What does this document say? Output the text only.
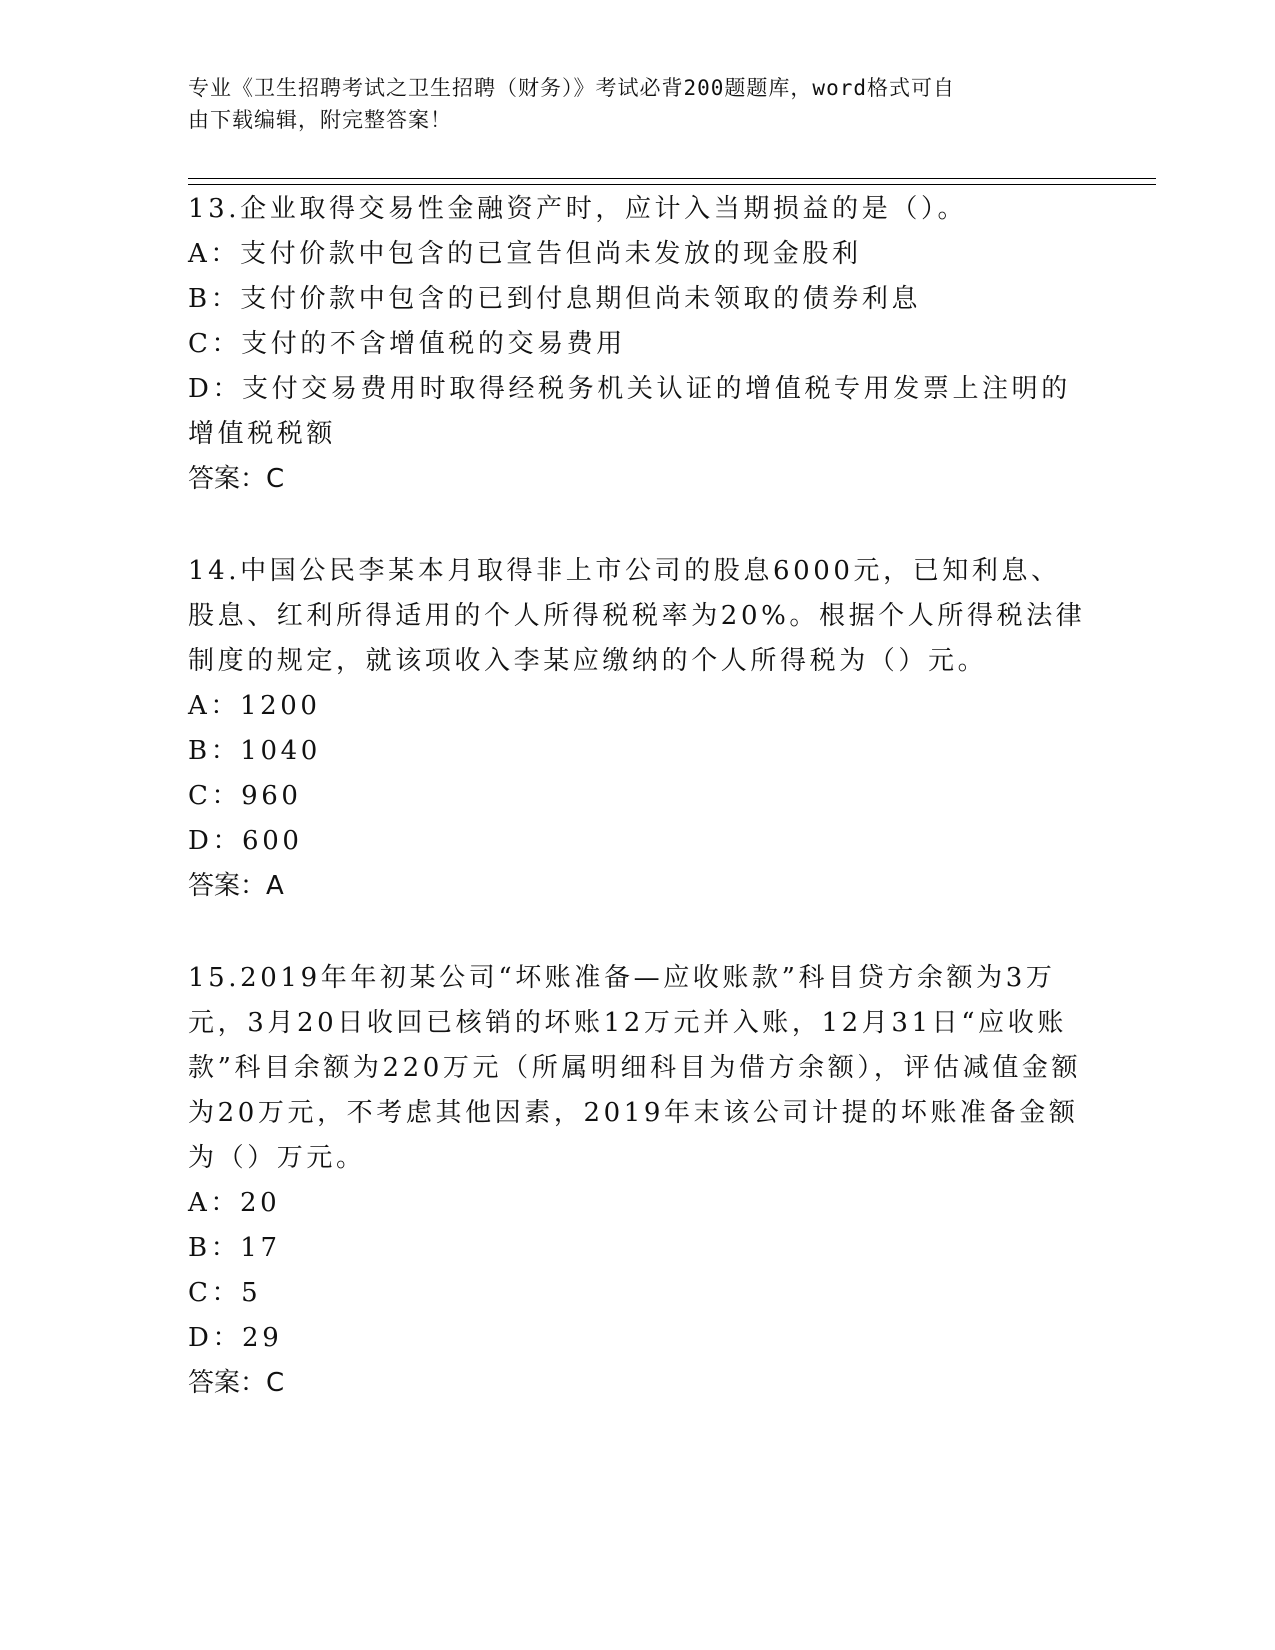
专业《卫生招聘考试之卫生招聘（财务）》考试必背200题题库，word格式可自
由下载编辑，附完整答案！

13.企业取得交易性金融资产时，应计入当期损益的是（）。

A：支付价款中包含的已宣告但尚未发放的现金股利

B：支付价款中包含的已到付息期但尚未领取的债券利息

C：支付的不含增值税的交易费用

D：支付交易费用时取得经税务机关认证的增值税专用发票上注明的增值税税额

答案：C

14.中国公民李某本月取得非上市公司的股息6000元，已知利息、股息、红利所得适用的个人所得税税率为20%。根据个人所得税法律制度的规定，就该项收入李某应缴纳的个人所得税为（）元。

A：1200

B：1040

C：960

D：600

答案：A

15.2019年年初某公司“坏账准备—应收账款”科目贷方余额为3万元，3月20日收回已核销的坏账12万元并入账，12月31日“应收账款”科目余额为220万元（所属明细科目为借方余额），评估减值金额为20万元，不考虑其他因素，2019年末该公司计提的坏账准备金额为（）万元。

A：20

B：17

C：5

D：29

答案：C
